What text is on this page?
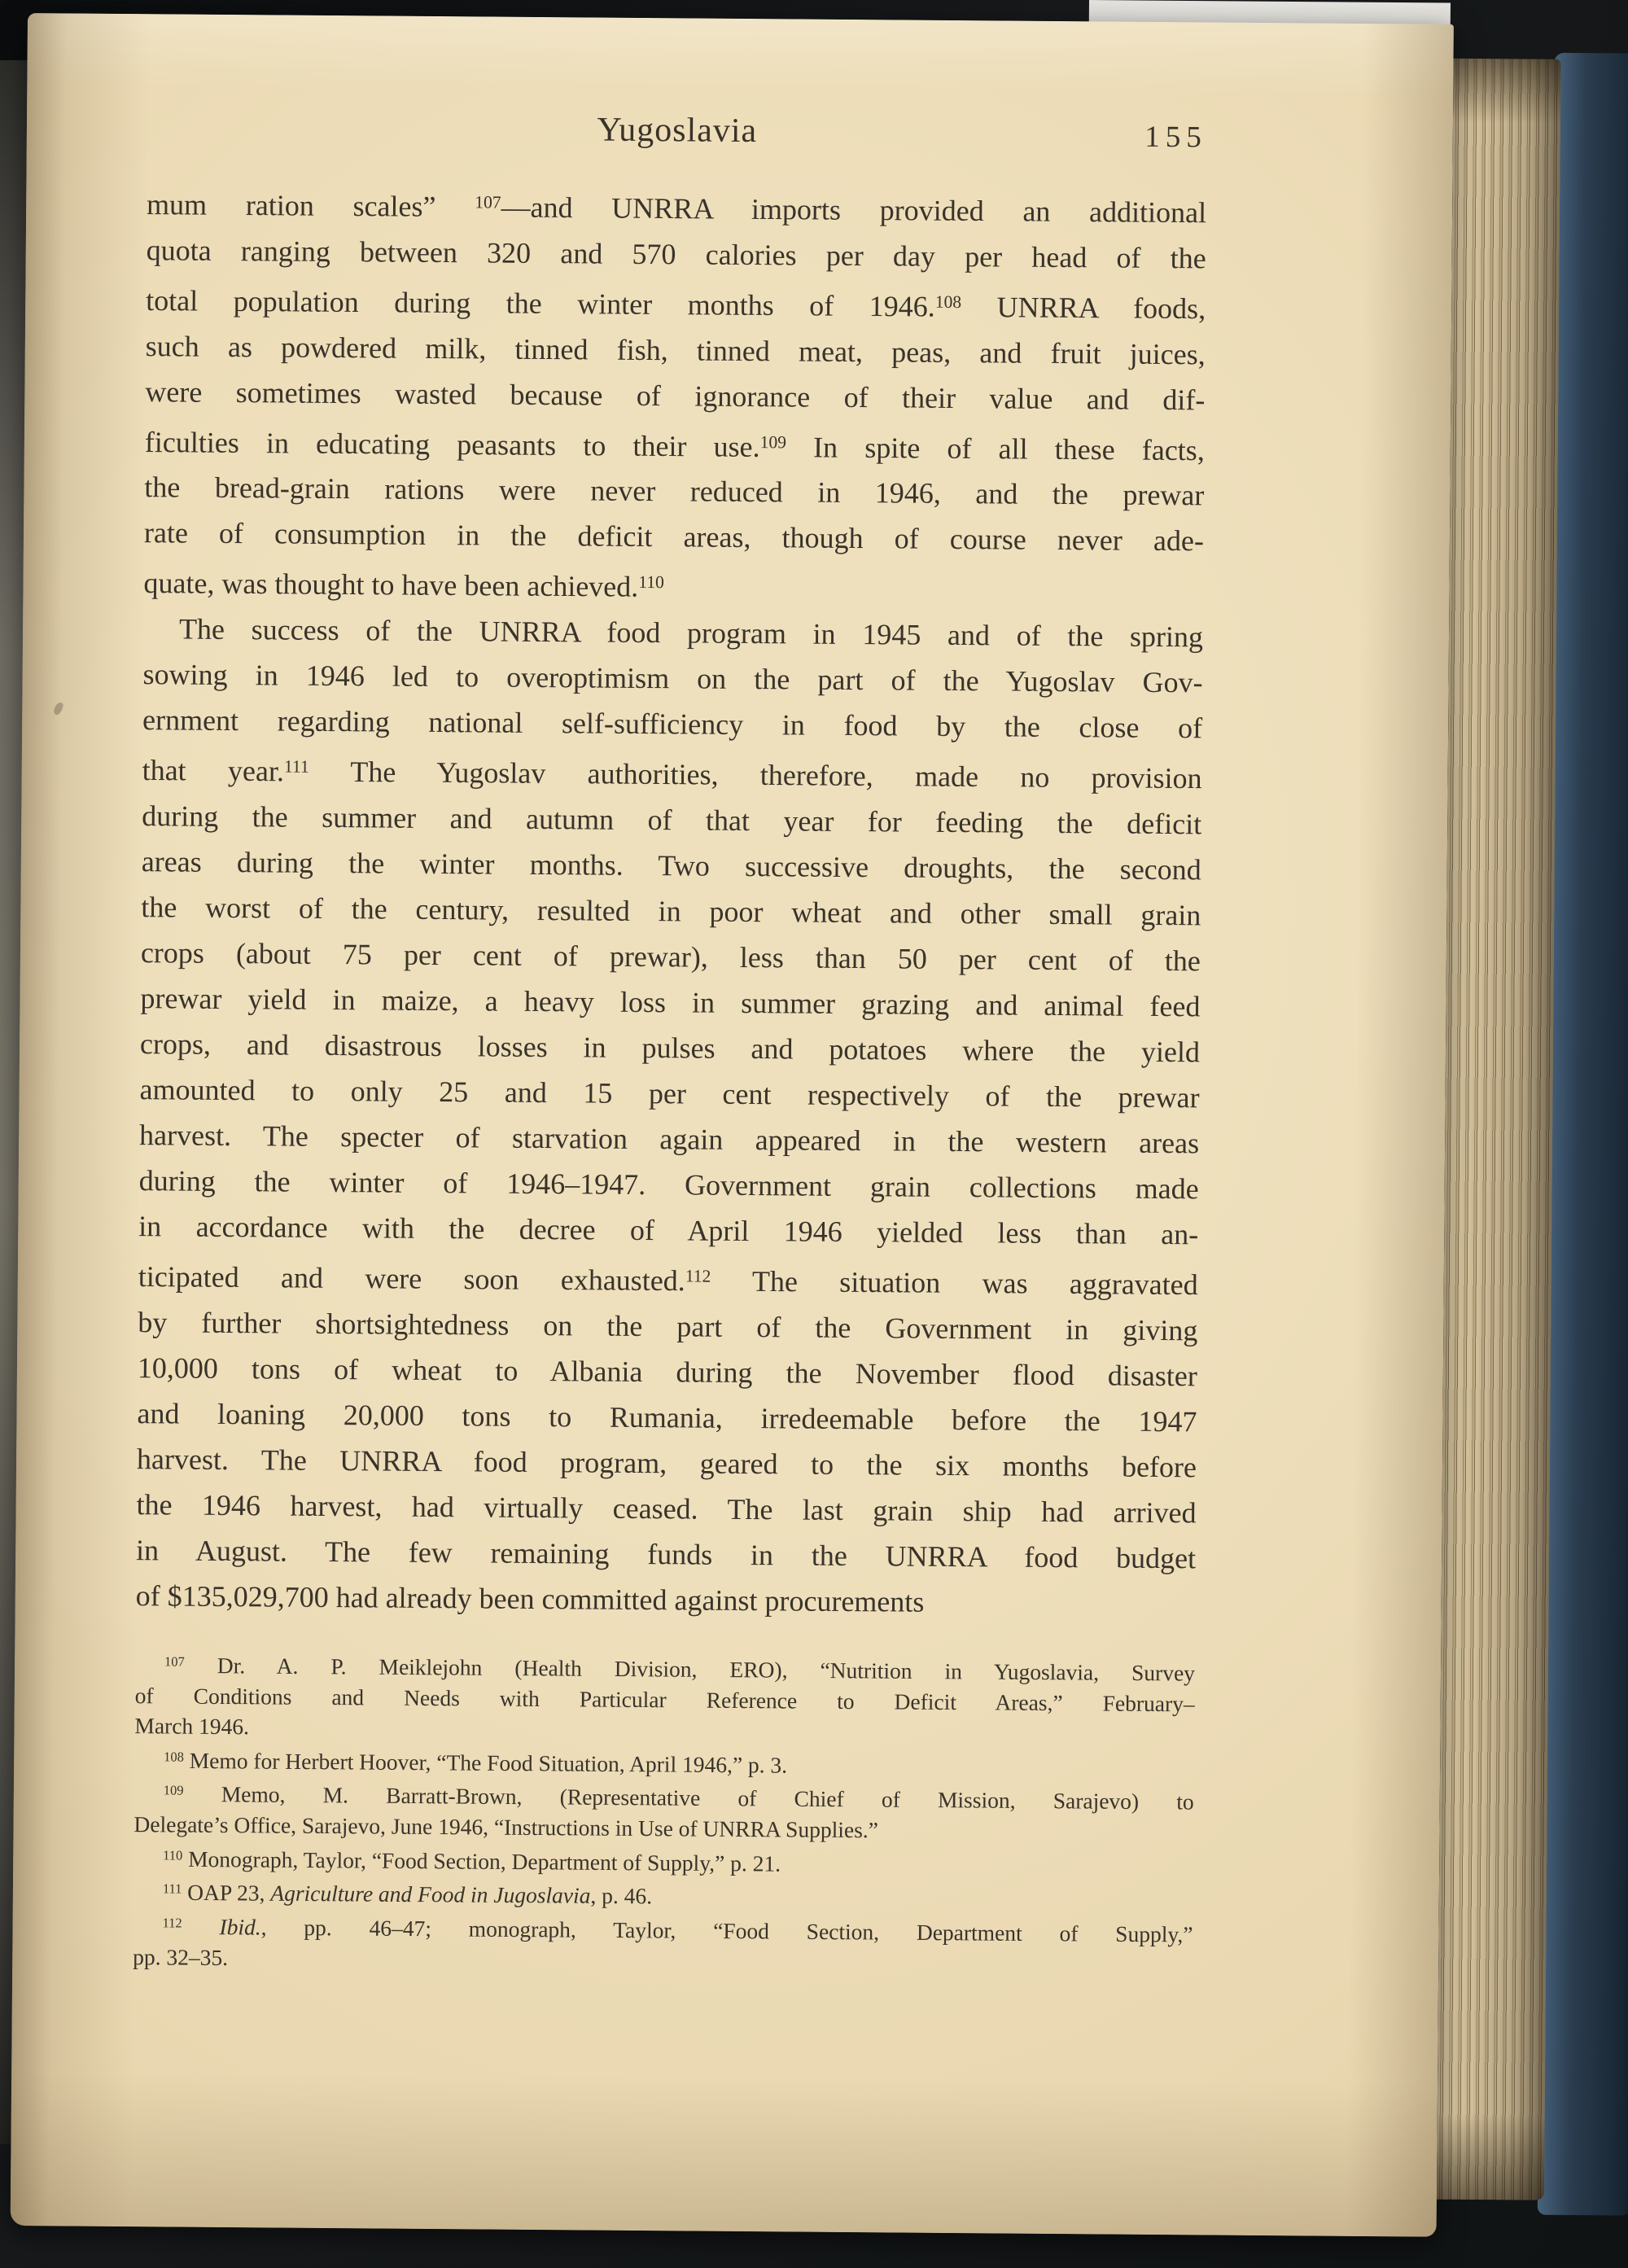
Yugoslavia	155
mum ration scales” $^{107}$—and UNRRA imports provided an additional
quota ranging between 320 and 570 calories per day per head of the
total population during the winter months of 1946.$^{108}$ UNRRA foods,
such as powdered milk, tinned fish, tinned meat, peas, and fruit juices,
were sometimes wasted because of ignorance of their value and dif-
ficulties in educating peasants to their use.$^{109}$ In spite of all these facts,
the bread-grain rations were never reduced in 1946, and the prewar
rate of consumption in the deficit areas, though of course never ade-
quate, was thought to have been achieved.$^{110}$
The success of the UNRRA food program in 1945 and of the spring
sowing in 1946 led to overoptimism on the part of the Yugoslav Gov-
ernment regarding national self-sufficiency in food by the close of
that year.$^{111}$ The Yugoslav authorities, therefore, made no provision
during the summer and autumn of that year for feeding the deficit
areas during the winter months. Two successive droughts, the second
the worst of the century, resulted in poor wheat and other small grain
crops (about 75 per cent of prewar), less than 50 per cent of the
prewar yield in maize, a heavy loss in summer grazing and animal feed
crops, and disastrous losses in pulses and potatoes where the yield
amounted to only 25 and 15 per cent respectively of the prewar
harvest. The specter of starvation again appeared in the western areas
during the winter of 1946–1947. Government grain collections made
in accordance with the decree of April 1946 yielded less than an-
ticipated and were soon exhausted.$^{112}$ The situation was aggravated
by further shortsightedness on the part of the Government in giving
10,000 tons of wheat to Albania during the November flood disaster
and loaning 20,000 tons to Rumania, irredeemable before the 1947
harvest. The UNRRA food program, geared to the six months before
the 1946 harvest, had virtually ceased. The last grain ship had arrived
in August. The few remaining funds in the UNRRA food budget
of $135,029,700 had already been committed against procurements
$^{107}$ Dr. A. P. Meiklejohn (Health Division, ERO), “Nutrition in Yugoslavia, Survey
of Conditions and Needs with Particular Reference to Deficit Areas,” February–
March 1946.
$^{108}$ Memo for Herbert Hoover, “The Food Situation, April 1946,” p. 3.
$^{109}$ Memo, M. Barratt-Brown, (Representative of Chief of Mission, Sarajevo) to
Delegate’s Office, Sarajevo, June 1946, “Instructions in Use of UNRRA Supplies.”
$^{110}$ Monograph, Taylor, “Food Section, Department of Supply,” p. 21.
$^{111}$ OAP 23, Agriculture and Food in Jugoslavia, p. 46.
$^{112}$ Ibid., pp. 46–47; monograph, Taylor, “Food Section, Department of Supply,”
pp. 32–35.
